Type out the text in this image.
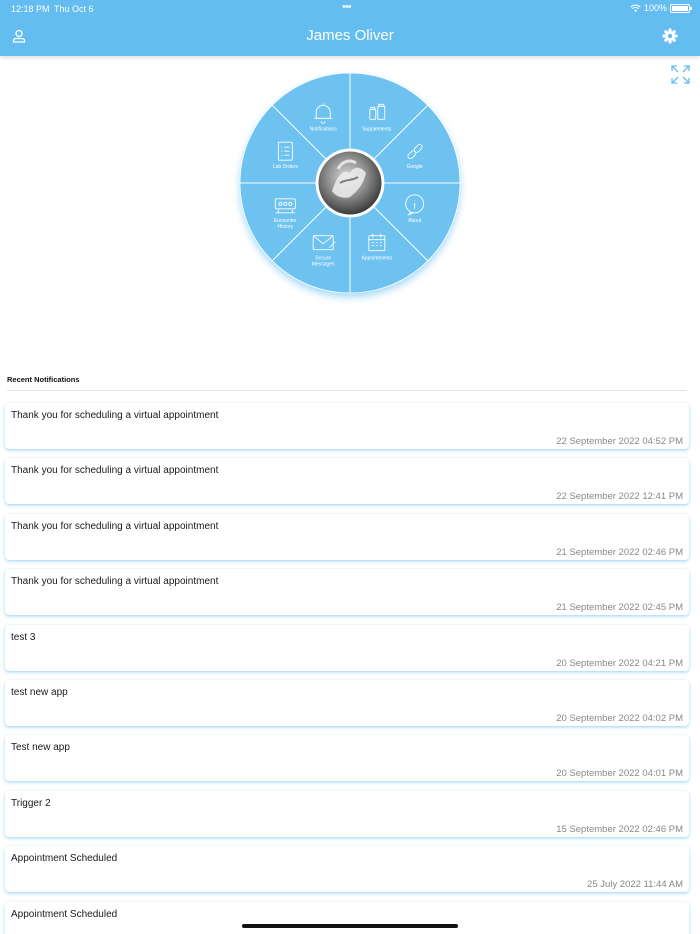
12:18 PM Thu Oct 6	•••	100%
James Oliver
Supplements
Google
About
Appointments
Secure
Messages
Encounter
History
Lab Orders
Notifications
Recent Notifications
Thank you for scheduling a virtual appointment
22 September 2022 04:52 PM
Thank you for scheduling a virtual appointment
22 September 2022 12:41 PM
Thank you for scheduling a virtual appointment
21 September 2022 02:46 PM
Thank you for scheduling a virtual appointment
21 September 2022 02:45 PM
test 3
20 September 2022 04:21 PM
test new app
20 September 2022 04:02 PM
Test new app
20 September 2022 04:01 PM
Trigger 2
15 September 2022 02:46 PM
Appointment Scheduled
25 July 2022 11:44 AM
Appointment Scheduled
